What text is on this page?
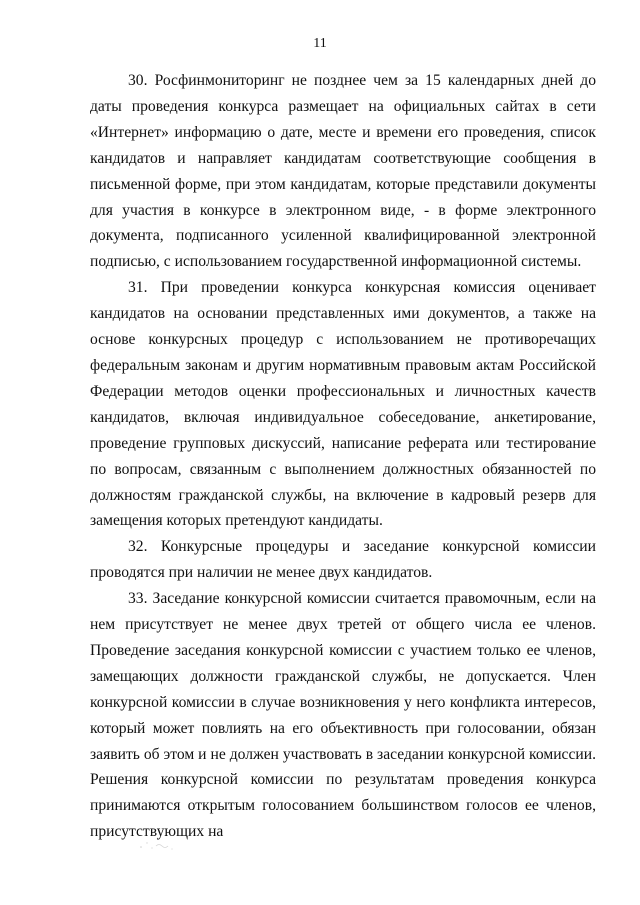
11

30. Росфинмониторинг не позднее чем за 15 календарных дней до даты проведения конкурса размещает на официальных сайтах в сети «Интернет» информацию о дате, месте и времени его проведения, список кандидатов и направляет кандидатам соответствующие сообщения в письменной форме, при этом кандидатам, которые представили документы для участия в конкурсе в электронном виде, - в форме электронного документа, подписанного усиленной квалифицированной электронной подписью, с использованием государственной информационной системы.

31. При проведении конкурса конкурсная комиссия оценивает кандидатов на основании представленных ими документов, а также на основе конкурсных процедур с использованием не противоречащих федеральным законам и другим нормативным правовым актам Российской Федерации методов оценки профессиональных и личностных качеств кандидатов, включая индивидуальное собеседование, анкетирование, проведение групповых дискуссий, написание реферата или тестирование по вопросам, связанным с выполнением должностных обязанностей по должностям гражданской службы, на включение в кадровый резерв для замещения которых претендуют кандидаты.

32. Конкурсные процедуры и заседание конкурсной комиссии проводятся при наличии не менее двух кандидатов.

33. Заседание конкурсной комиссии считается правомочным, если на нем присутствует не менее двух третей от общего числа ее членов. Проведение заседания конкурсной комиссии с участием только ее членов, замещающих должности гражданской службы, не допускается. Член конкурсной комиссии в случае возникновения у него конфликта интересов, который может повлиять на его объективность при голосовании, обязан заявить об этом и не должен участвовать в заседании конкурсной комиссии. Решения конкурсной комиссии по результатам проведения конкурса принимаются открытым голосованием большинством голосов ее членов, присутствующих на
